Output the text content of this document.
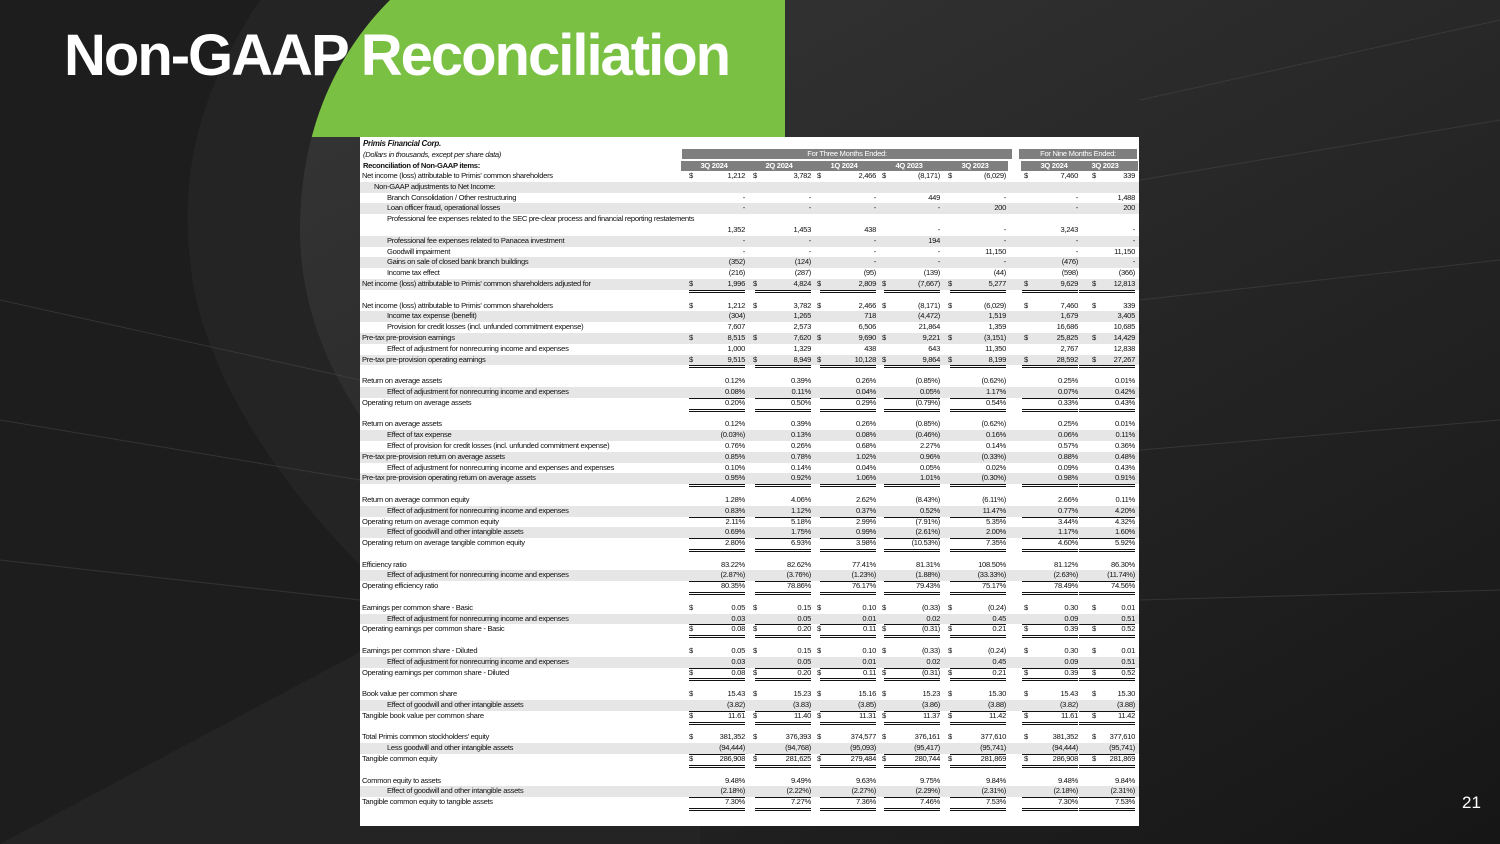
Non-GAAP Reconciliation
Primis Financial Corp.
(Dollars in thousands, except per share data)	For Three Months Ended:	For Nine Months Ended:
Reconciliation of Non-GAAP items:	3Q 2024	2Q 2024	1Q 2024	4Q 2023	3Q 2023	3Q 2024	3Q 2023
Net income (loss) attributable to Primis' common shareholders	$	1,212 $	3,782 $	2,466 $	(8,171) $	(6,029) $	7,460 $	339
Non-GAAP adjustments to Net Income:
Branch Consolidation / Other restructuring	-	-	-	449	-	-	1,488
Loan officer fraud, operational losses	-	-	-	-	200	-	200
Professional fee expenses related to the SEC pre-clear process and financial reporting restatements
1,352	1,453	438	-	-	3,243	-
Professional fee expenses related to Panacea investment	-	-	-	194	-	-	-
Goodwill impairment	-	-	-	-	11,150	-	11,150
Gains on sale of closed bank branch buildings	(352)	(124)	-	-	-	(476)	-
Income tax effect	(216)	(287)	(95)	(139)	(44)	(598)	(366)
Net income (loss) attributable to Primis' common shareholders adjusted for	$	1,996 $	4,824 $	2,809 $	(7,667) $	5,277 $	9,629 $	12,813
Net income (loss) attributable to Primis' common shareholders	$	1,212 $	3,782 $	2,466 $	(8,171) $	(6,029) $	7,460 $	339
Income tax expense (benefit)	(304)	1,265	718	(4,472)	1,519	1,679	3,405
Provision for credit losses (incl. unfunded commitment expense)	7,607	2,573	6,506	21,864	1,359	16,686	10,685
Pre-tax pre-provision earnings	$	8,515 $	7,620 $	9,690 $	9,221 $	(3,151) $	25,825 $	14,429
Effect of adjustment for nonrecurring income and expenses	1,000	1,329	438	643	11,350	2,767	12,838
Pre-tax pre-provision operating earnings	$	9,515 $	8,949 $	10,128 $	9,864 $	8,199 $	28,592 $	27,267
Return on average assets	0.12%	0.39%	0.26%	(0.85%)	(0.62%)	0.25%	0.01%
Effect of adjustment for nonrecurring income and expenses	0.08%	0.11%	0.04%	0.05%	1.17%	0.07%	0.42%
Operating return on average assets	0.20%	0.50%	0.29%	(0.79%)	0.54%	0.33%	0.43%
Return on average assets	0.12%	0.39%	0.26%	(0.85%)	(0.62%)	0.25%	0.01%
Effect of tax expense	(0.03%)	0.13%	0.08%	(0.46%)	0.16%	0.06%	0.11%
Effect of provision for credit losses (incl. unfunded commitment expense)	0.76%	0.26%	0.68%	2.27%	0.14%	0.57%	0.36%
Pre-tax pre-provision return on average assets	0.85%	0.78%	1.02%	0.96%	(0.33%)	0.88%	0.48%
Effect of adjustment for nonrecurring income and expenses and expenses	0.10%	0.14%	0.04%	0.05%	0.02%	0.09%	0.43%
Pre-tax pre-provision operating return on average assets	0.95%	0.92%	1.06%	1.01%	(0.30%)	0.98%	0.91%
Return on average common equity	1.28%	4.06%	2.62%	(8.43%)	(6.11%)	2.66%	0.11%
Effect of adjustment for nonrecurring income and expenses	0.83%	1.12%	0.37%	0.52%	11.47%	0.77%	4.20%
Operating return on average common equity	2.11%	5.18%	2.99%	(7.91%)	5.35%	3.44%	4.32%
Effect of goodwill and other intangible assets	0.69%	1.75%	0.99%	(2.61%)	2.00%	1.17%	1.60%
Operating return on average tangible common equity	2.80%	6.93%	3.98%	(10.53%)	7.35%	4.60%	5.92%
Efficiency ratio	83.22%	82.62%	77.41%	81.31%	108.50%	81.12%	86.30%
Effect of adjustment for nonrecurring income and expenses	(2.87%)	(3.76%)	(1.23%)	(1.88%)	(33.33%)	(2.63%)	(11.74%)
Operating efficiency ratio	80.35%	78.86%	76.17%	79.43%	75.17%	78.49%	74.56%
Earnings per common share - Basic	$	0.05 $	0.15 $	0.10 $	(0.33) $	(0.24) $	0.30 $	0.01
Effect of adjustment for nonrecurring income and expenses	0.03	0.05	0.01	0.02	0.45	0.09	0.51
Operating earnings per common share - Basic	$	0.08 $	0.20 $	0.11 $	(0.31) $	0.21 $	0.39 $	0.52
Earnings per common share - Diluted	$	0.05 $	0.15 $	0.10 $	(0.33) $	(0.24) $	0.30 $	0.01
Effect of adjustment for nonrecurring income and expenses	0.03	0.05	0.01	0.02	0.45	0.09	0.51
Operating earnings per common share - Diluted	$	0.08 $	0.20 $	0.11 $	(0.31) $	0.21 $	0.39 $	0.52
Book value per common share	$	15.43 $	15.23 $	15.16 $	15.23 $	15.30 $	15.43 $	15.30
Effect of goodwill and other intangible assets	(3.82)	(3.83)	(3.85)	(3.86)	(3.88)	(3.82)	(3.88)
Tangible book value per common share	$	11.61 $	11.40 $	11.31 $	11.37 $	11.42 $	11.61 $	11.42
Total Primis common stockholders' equity	$	381,352 $	376,393 $	374,577 $	376,161 $	377,610 $	381,352 $	377,610
Less goodwill and other intangible assets	(94,444)	(94,768)	(95,093)	(95,417)	(95,741)	(94,444)	(95,741)
Tangible common equity	$	286,908 $	281,625 $	279,484 $	280,744 $	281,869 $	286,908 $	281,869
Common equity to assets	9.48%	9.49%	9.63%	9.75%	9.84%	9.48%	9.84%
Effect of goodwill and other intangible assets	(2.18%)	(2.22%)	(2.27%)	(2.29%)	(2.31%)	(2.18%)	(2.31%)
Tangible common equity to tangible assets	7.30%	7.27%	7.36%	7.46%	7.53%	7.30%	7.53%	21
